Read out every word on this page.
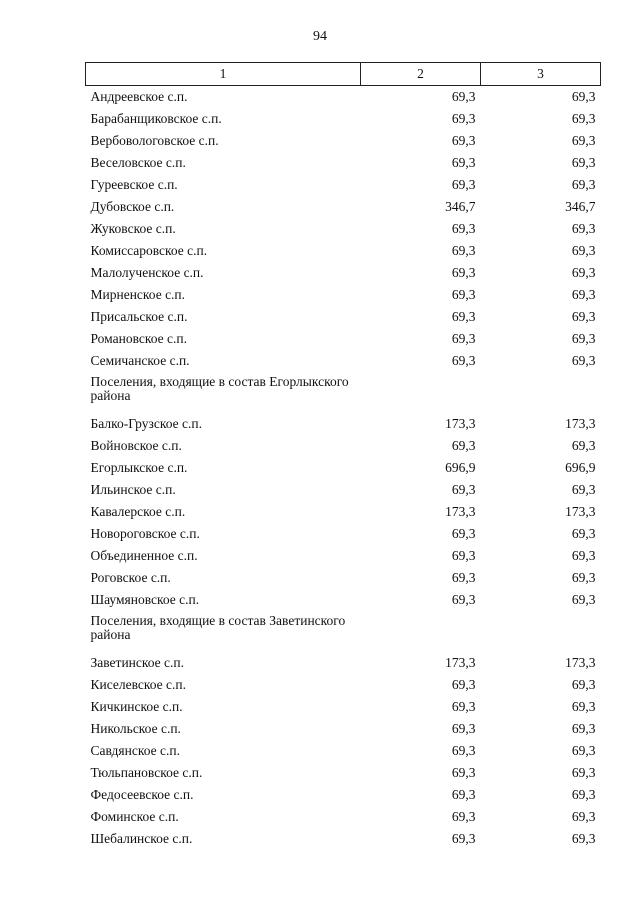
94
1	2	3
Андреевское с.п.	69,3	69,3
Барабанщиковское с.п.	69,3	69,3
Вербовологовское с.п.	69,3	69,3
Веселовское с.п.	69,3	69,3
Гуреевское с.п.	69,3	69,3
Дубовское с.п.	346,7	346,7
Жуковское с.п.	69,3	69,3
Комиссаровское с.п.	69,3	69,3
Малолученское с.п.	69,3	69,3
Мирненское с.п.	69,3	69,3
Присальское с.п.	69,3	69,3
Романовское с.п.	69,3	69,3
Семичанское с.п.	69,3	69,3
Поселения, входящие в состав Егорлыкского района		
Балко-Грузское с.п.	173,3	173,3
Войновское с.п.	69,3	69,3
Егорлыкское с.п.	696,9	696,9
Ильинское с.п.	69,3	69,3
Кавалерское с.п.	173,3	173,3
Новороговское с.п.	69,3	69,3
Объединенное с.п.	69,3	69,3
Роговское с.п.	69,3	69,3
Шаумяновское с.п.	69,3	69,3
Поселения, входящие в состав Заветинского района		
Заветинское с.п.	173,3	173,3
Киселевское с.п.	69,3	69,3
Кичкинское с.п.	69,3	69,3
Никольское с.п.	69,3	69,3
Савдянское с.п.	69,3	69,3
Тюльпановское с.п.	69,3	69,3
Федосеевское с.п.	69,3	69,3
Фоминское с.п.	69,3	69,3
Шебалинское с.п.	69,3	69,3
